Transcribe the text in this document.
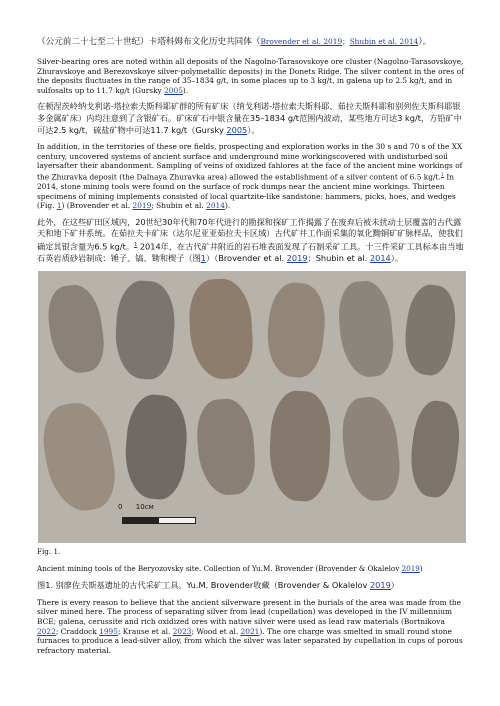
（公元前二十七至二十世纪）卡塔科姆布文化历史共同体（Brovender et al. 2019；Shubin et al. 2014）。

Silver-bearing ores are noted within all deposits of the Nagolno-Tarasovskoye ore cluster (Nagolno-Tarasovskoye, Zhuravskoye and Berezovskoye silver-polymetallic deposits) in the Donets Ridge. The silver content in the ores of the deposits fluctuates in the range of 35–1834 g/t, in some places up to 3 kg/t, in galena up to 2.5 kg/t, and in sulfosalts up to 11.7 kg/t (Gursky 2005).

在顿涅茨岭纳戈利诺-塔拉索夫斯科耶矿群的所有矿床（纳戈利诺-塔拉索夫斯科耶、茹拉夫斯科耶和别列佐夫斯科耶银多金属矿床）内均注意到了含银矿石。矿床矿石中银含量在35–1834 g/t范围内波动，某些地方可达3 kg/t，方铅矿中可达2.5 kg/t，硫盐矿物中可达11.7 kg/t（Gursky 2005）。

In addition, in the territories of these ore fields, prospecting and exploration works in the 30 s and 70 s of the XX century, uncovered systems of ancient surface and underground mine workingscovered with undisturbed soil layersafter their abandonment. Sampling of veins of oxidized fahlores at the face of the ancient mine workings of the Zhuravka deposit (the Dalnaya Zhuravka area) allowed the establishment of a silver content of 6.5 kg/t.$^1$ In 2014, stone mining tools were found on the surface of rock dumps near the ancient mine workings. Thirteen specimens of mining implements consisted of local quartzite-like sandstone: hammers, picks, hoes, and wedges (Fig. 1) (Brovender et al. 2019; Shubin et al. 2014).

此外，在这些矿田区域内，20世纪30年代和70年代进行的勘探和探矿工作揭露了在废弃后被未扰动土层覆盖的古代露天和地下矿井系统。在茹拉夫卡矿床（达尔尼亚亚茹拉夫卡区域）古代矿井工作面采集的氧化黝铜矿矿脉样品，使我们确定其银含量为6.5 kg/t。$^1$ 2014年，在古代矿井附近的岩石堆表面发现了石制采矿工具。十三件采矿工具标本由当地石英岩质砂岩制成：锤子、镐、锄和楔子（图1）（Brovender et al. 2019；Shubin et al. 2014）。

0      10см

Fig. 1.

Ancient mining tools of the Beryozovsky site. Collection of Yu.M. Brovender (Brovender & Okalelov 2019)

图1. 别廖佐夫斯基遗址的古代采矿工具。Yu.M. Brovender收藏（Brovender & Okalelov 2019）

There is every reason to believe that the ancient silverware present in the burials of the area was made from the silver mined here. The process of separating silver from lead (cupellation) was developed in the IV millennium BCE; galena, cerussite and rich oxidized ores with native silver were used as lead raw materials (Bortnikova 2022; Craddock 1995; Krause et al. 2023; Wood et al. 2021). The ore charge was smelted in small round stone furnaces to produce a lead-silver alloy, from which the silver was later separated by cupellation in cups of porous refractory material.
